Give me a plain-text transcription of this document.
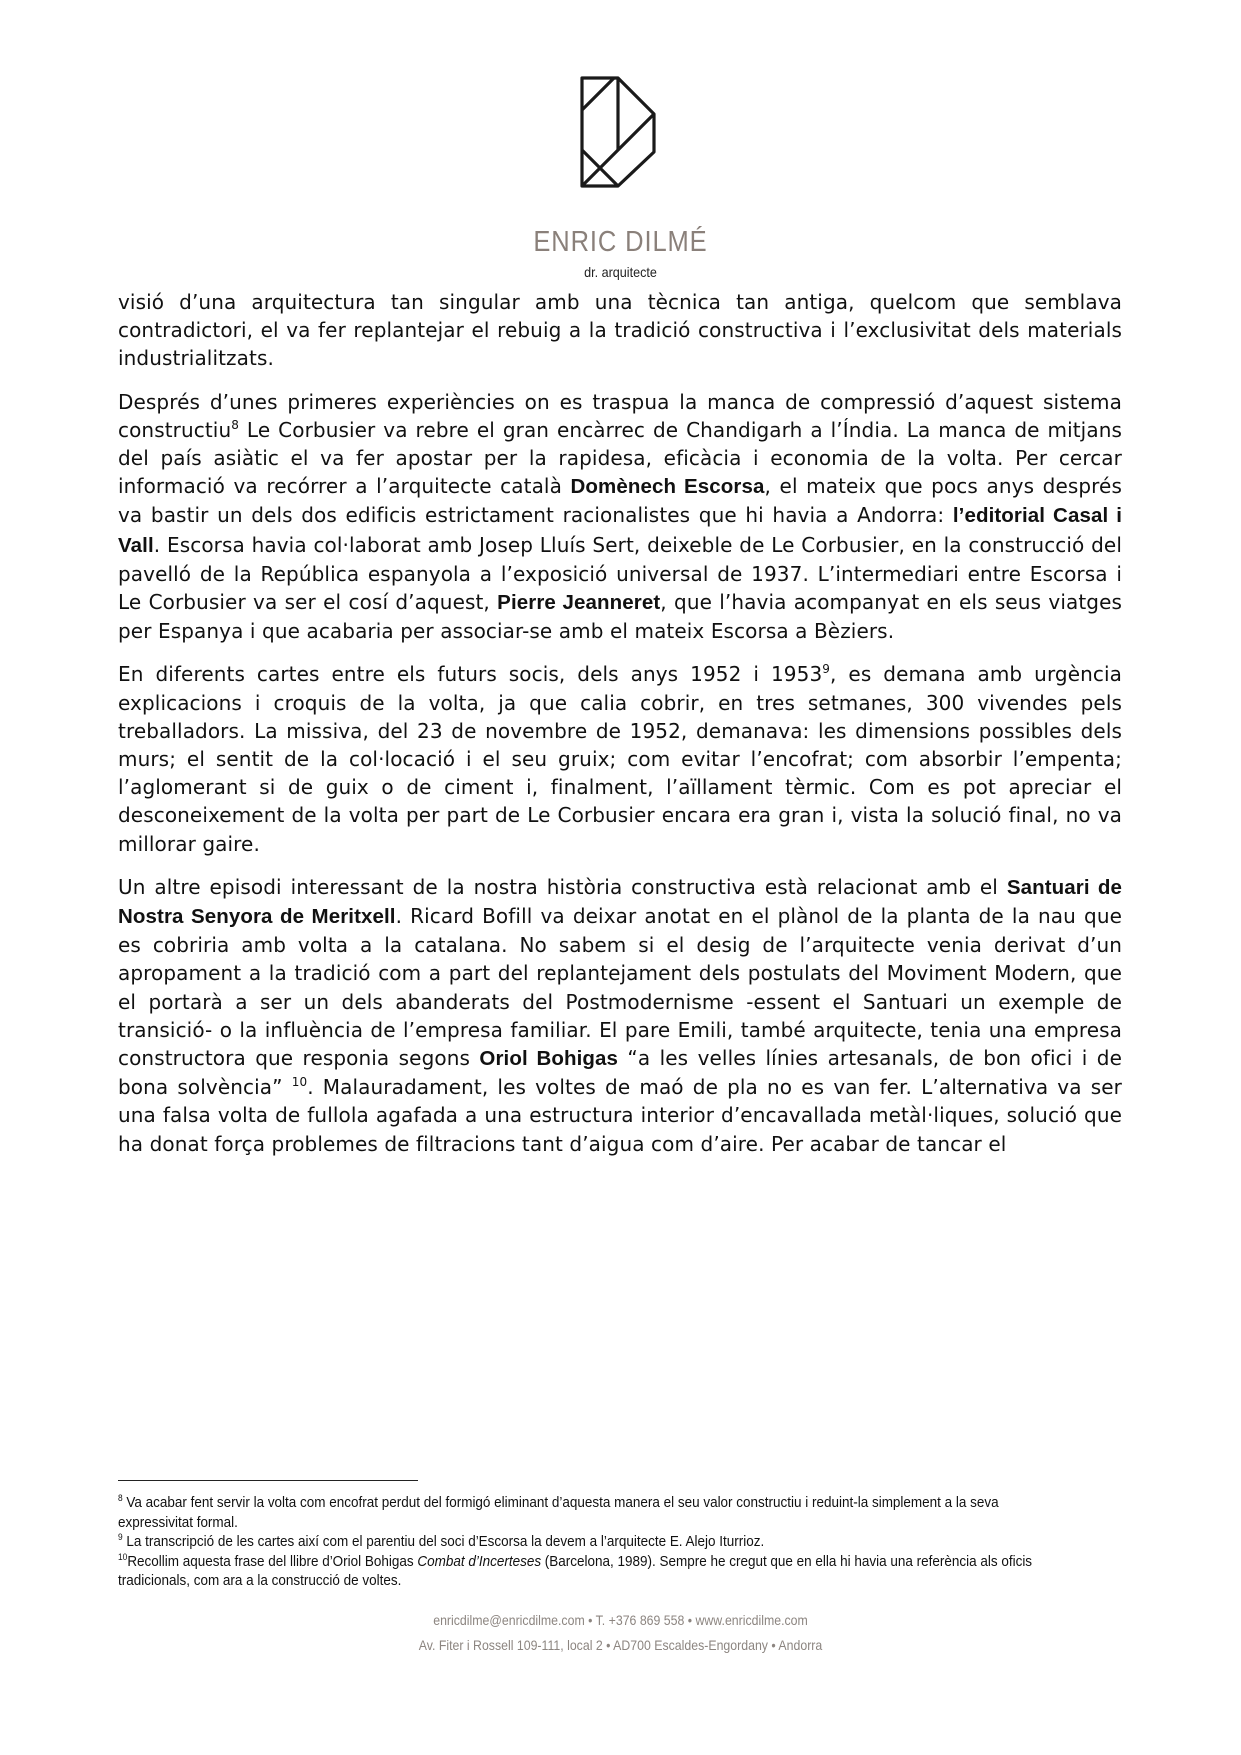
ENRIC DILMÉ
dr. arquitecte

visió d’una arquitectura tan singular amb una tècnica tan antiga, quelcom que semblava contradictori, el va fer replantejar el rebuig a la tradició constructiva i l’exclusivitat dels materials industrialitzats.

Després d’unes primeres experiències on es traspua la manca de compressió d’aquest sistema constructiu$^8$ Le Corbusier va rebre el gran encàrrec de Chandigarh a l’Índia. La manca de mitjans del país asiàtic el va fer apostar per la rapidesa, eficàcia i economia de la volta. Per cercar informació va recórrer a l’arquitecte català Domènech Escorsa, el mateix que pocs anys després va bastir un dels dos edificis estrictament racionalistes que hi havia a Andorra: l’editorial Casal i Vall. Escorsa havia col·laborat amb Josep Lluís Sert, deixeble de Le Corbusier, en la construcció del pavelló de la República espanyola a l’exposició universal de 1937. L’intermediari entre Escorsa i Le Corbusier va ser el cosí d’aquest, Pierre Jeanneret, que l’havia acompanyat en els seus viatges per Espanya i que acabaria per associar-se amb el mateix Escorsa a Bèziers.

En diferents cartes entre els futurs socis, dels anys 1952 i 1953$^9$, es demana amb urgència explicacions i croquis de la volta, ja que calia cobrir, en tres setmanes, 300 vivendes pels treballadors. La missiva, del 23 de novembre de 1952, demanava: les dimensions possibles dels murs; el sentit de la col·locació i el seu gruix; com evitar l’encofrat; com absorbir l’empenta; l’aglomerant si de guix o de ciment i, finalment, l’aïllament tèrmic. Com es pot apreciar el desconeixement de la volta per part de Le Corbusier encara era gran i, vista la solució final, no va millorar gaire.

Un altre episodi interessant de la nostra història constructiva està relacionat amb el Santuari de Nostra Senyora de Meritxell. Ricard Bofill va deixar anotat en el plànol de la planta de la nau que es cobriria amb volta a la catalana. No sabem si el desig de l’arquitecte venia derivat d’un apropament a la tradició com a part del replantejament dels postulats del Moviment Modern, que el portarà a ser un dels abanderats del Postmodernisme -essent el Santuari un exemple de transició- o la influència de l’empresa familiar. El pare Emili, també arquitecte, tenia una empresa constructora que responia segons Oriol Bohigas “a les velles línies artesanals, de bon ofici i de bona solvència” $^{10}$. Malauradament, les voltes de maó de pla no es van fer. L’alternativa va ser una falsa volta de fullola agafada a una estructura interior d’encavallada metàl·liques, solució que ha donat força problemes de filtracions tant d’aigua com d’aire. Per acabar de tancar el

$^8$ Va acabar fent servir la volta com encofrat perdut del formigó eliminant d’aquesta manera el seu valor constructiu i reduint-la simplement a la seva expressivitat formal.

$^9$ La transcripció de les cartes així com el parentiu del soci d’Escorsa la devem a l’arquitecte E. Alejo Iturrioz.

$^{10}$Recollim aquesta frase del llibre d’Oriol Bohigas Combat d’Incerteses (Barcelona, 1989). Sempre he cregut que en ella hi havia una referència als oficis tradicionals, com ara a la construcció de voltes.

enricdilme@enricdilme.com • T. +376 869 558 • www.enricdilme.com
Av. Fiter i Rossell 109-111, local 2 • AD700 Escaldes-Engordany • Andorra
